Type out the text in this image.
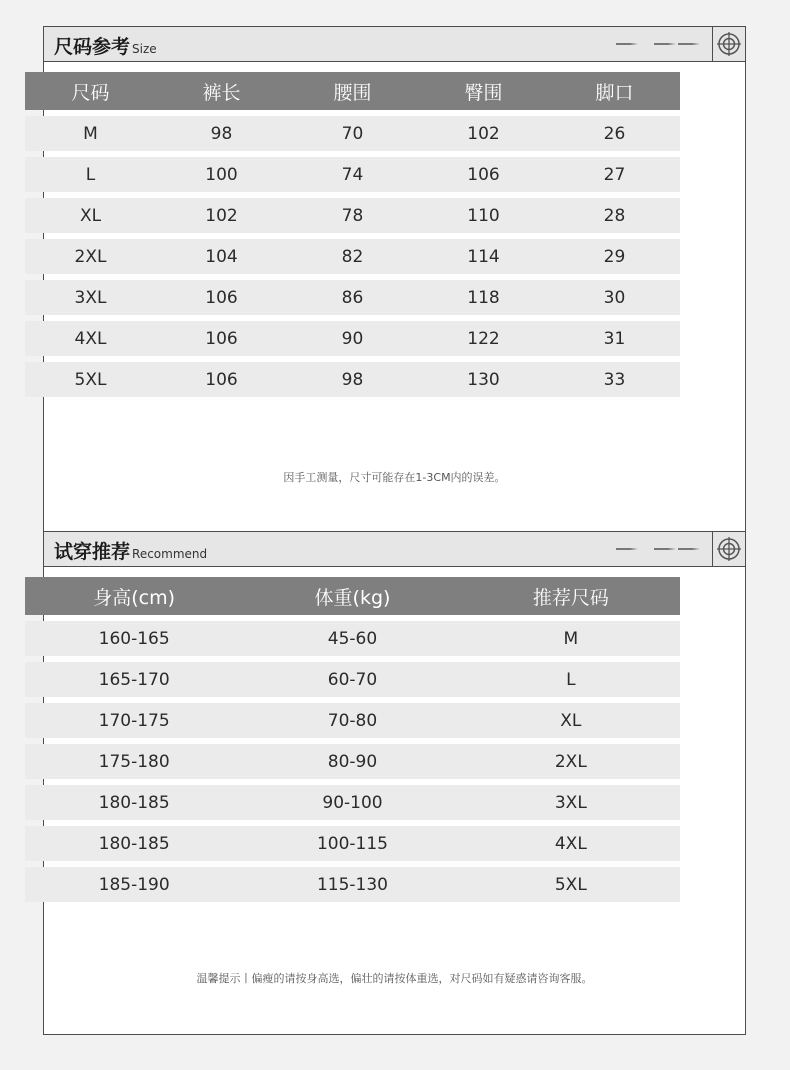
尺码参考 Size
因手工测量，尺寸可能存在1-3CM内的误差。
尺码	裤长	腰围	臀围	脚口
M	98	70	102	26
L	100	74	106	27
XL	102	78	110	28
2XL	104	82	114	29
3XL	106	86	118	30
4XL	106	90	122	31
5XL	106	98	130	33
试穿推荐 Recommend
温馨提示丨偏瘦的请按身高选，偏壮的请按体重选，对尺码如有疑惑请咨询客服。
身高(cm)	体重(kg)	推荐尺码
160-165	45-60	M
165-170	60-70	L
170-175	70-80	XL
175-180	80-90	2XL
180-185	90-100	3XL
180-185	100-115	4XL
185-190	115-130	5XL
